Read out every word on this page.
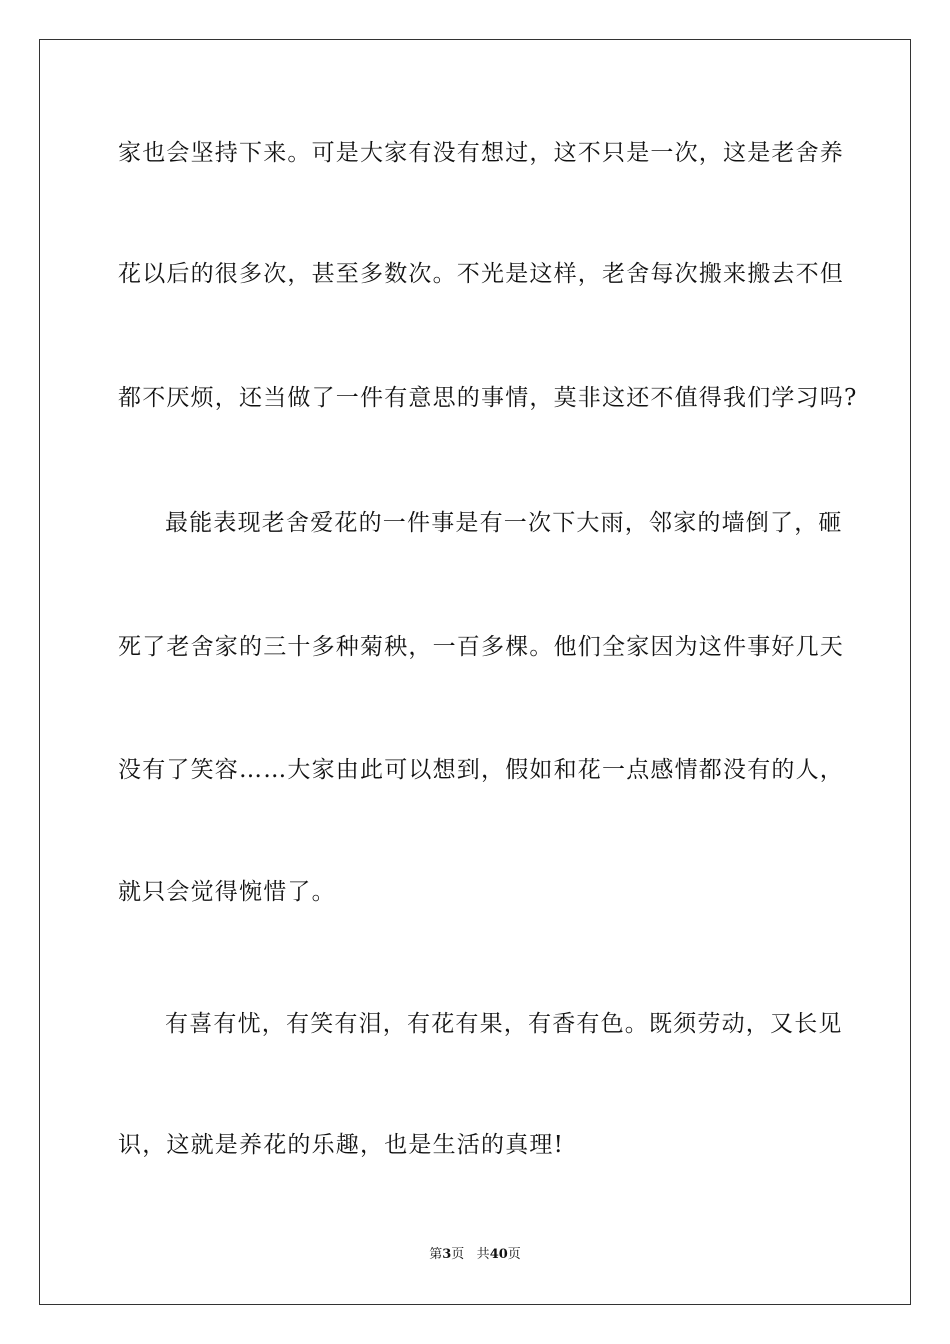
家也会坚持下来。可是大家有没有想过，这不只是一次，这是老舍养
花以后的很多次，甚至多数次。不光是这样，老舍每次搬来搬去不但
都不厌烦，还当做了一件有意思的事情，莫非这还不值得我们学习吗?
最能表现老舍爱花的一件事是有一次下大雨，邻家的墙倒了，砸
死了老舍家的三十多种菊秧，一百多棵。他们全家因为这件事好几天
没有了笑容……大家由此可以想到，假如和花一点感情都没有的人，
就只会觉得惋惜了。
有喜有忧，有笑有泪，有花有果，有香有色。既须劳动，又长见
识，这就是养花的乐趣，也是生活的真理!
第3页 共40页
